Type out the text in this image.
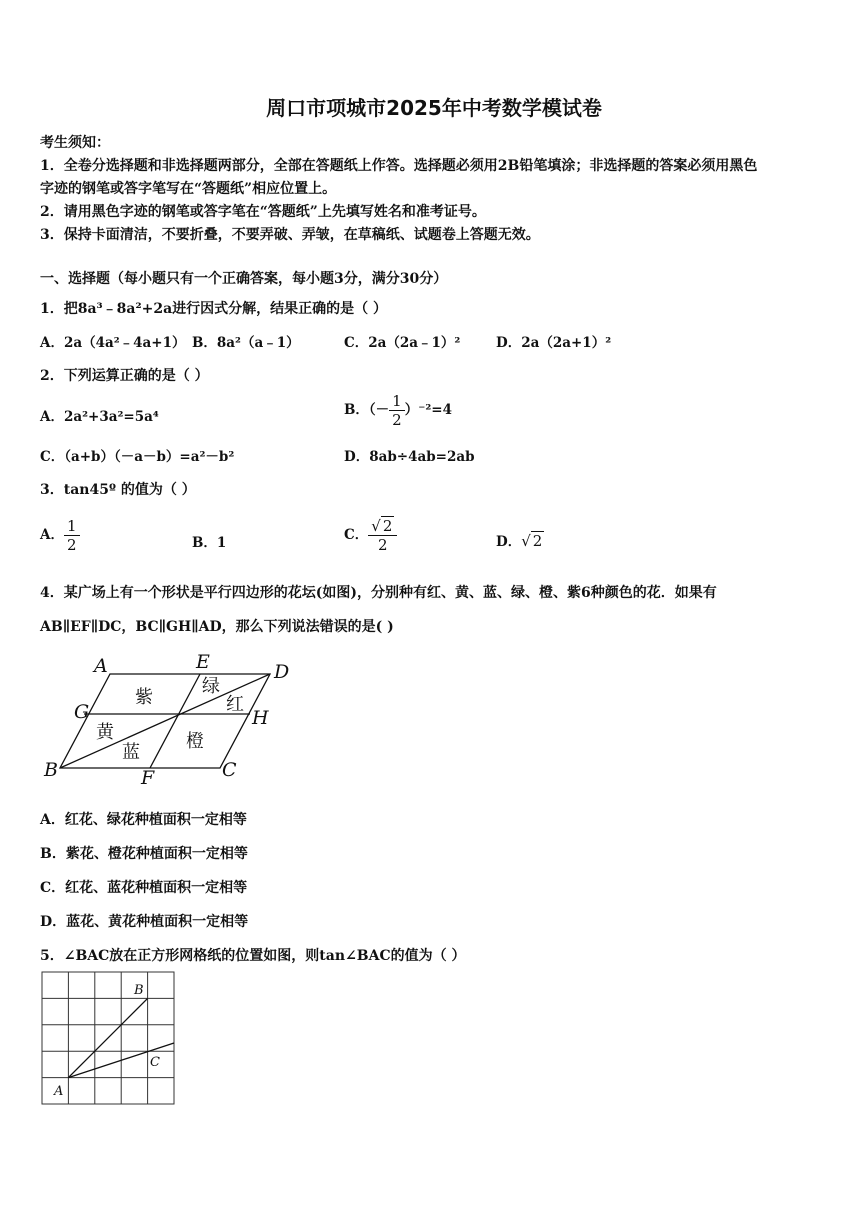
周口市项城市2025年中考数学模试卷
考生须知：
1．全卷分选择题和非选择题两部分，全部在答题纸上作答。选择题必须用2B铅笔填涂；非选择题的答案必须用黑色
字迹的钢笔或答字笔写在“答题纸”相应位置上。
2．请用黑色字迹的钢笔或答字笔在“答题纸”上先填写姓名和准考证号。
3．保持卡面清洁，不要折叠，不要弄破、弄皱，在草稿纸、试题卷上答题无效。
一、选择题（每小题只有一个正确答案，每小题3分，满分30分）
1．把8a³﹣8a²+2a进行因式分解，结果正确的是（ ）
A．2a（4a²﹣4a+1） B．8a²（a﹣1）	C．2a（2a﹣1）²	D．2a（2a+1）²
2．下列运算正确的是（ ）
A．2a²+3a²=5a⁴	B．（－ $\frac{1}{2} )^{-2}=4$
C．（a+b）（－a－b）=a²－b²	D．8ab÷4ab=2ab
3．tan45º 的值为（ ）
A． $\frac{1}{2}$	B．1	C． $\frac{√ 2}{2}$	D．√ 2
4．某广场上有一个形状是平行四边形的花坛(如图)，分别种有红、黄、蓝、绿、橙、紫6种颜色的花．如果有
AB∥EF∥DC，BC∥GH∥AD，那么下列说法错误的是( )
A	E	D
G	H
B	F	C
紫
绿
红
黄	橙
蓝
A．红花、绿花种植面积一定相等
B．紫花、橙花种植面积一定相等
C．红花、蓝花种植面积一定相等
D．蓝花、黄花种植面积一定相等
5．∠BAC放在正方形网格纸的位置如图，则tan∠BAC的值为（ ）
A
B
C
